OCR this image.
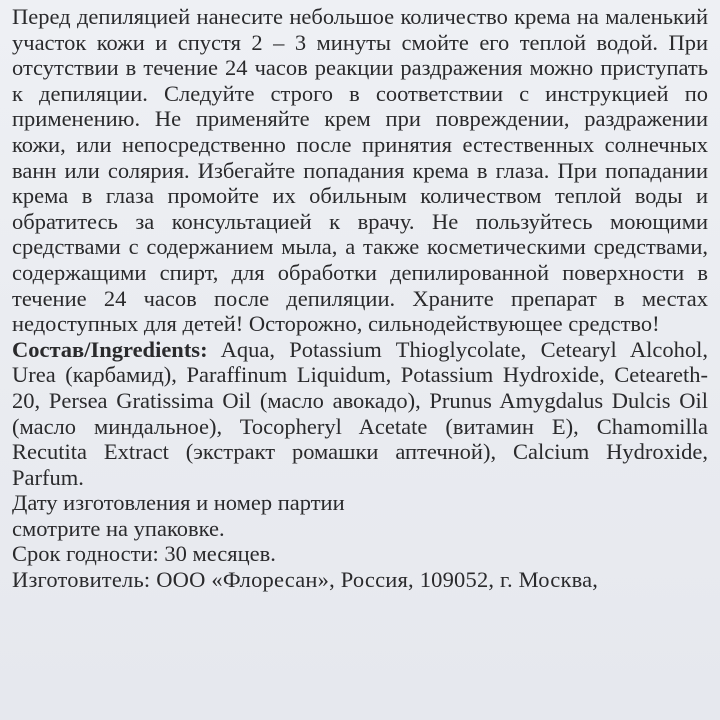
Перед депиляцией нанесите небольшое количество крема на маленький участок кожи и спустя 2 – 3 минуты смойте его теплой водой. При отсутствии в течение 24 часов реакции раздражения можно приступать к депиляции. Следуйте строго в соответствии с инструкцией по применению. Не применяйте крем при повреждении, раздражении кожи, или непосредственно после принятия естественных солнечных ванн или солярия. Избегайте попадания крема в глаза. При попадании крема в глаза промойте их обильным количеством теплой воды и обратитесь за консультацией к врачу. Не пользуйтесь моющими средствами с содержанием мыла, а также косметическими средствами, содержащими спирт, для обработки депилированной поверхности в течение 24 часов после депиляции. Храните препарат в местах недоступных для детей! Осторожно, сильнодействующее средство!

Состав/Ingredients: Aqua, Potassium Thioglycolate, Cetearyl Alcohol, Urea (карбамид), Paraffinum Liquidum, Potassium Hydroxide, Ceteareth-20, Persea Gratissima Oil (масло авокадо), Prunus Amygdalus Dulcis Oil (масло миндальное), Tocopheryl Acetate (витамин E), Chamomilla Recutita Extract (экстракт ромашки аптечной), Calcium Hydroxide, Parfum.

Дату изготовления и номер партии

смотрите на упаковке.

Срок годности: 30 месяцев.

Изготовитель: ООО «Флоресан», Россия, 109052, г. Москва,
